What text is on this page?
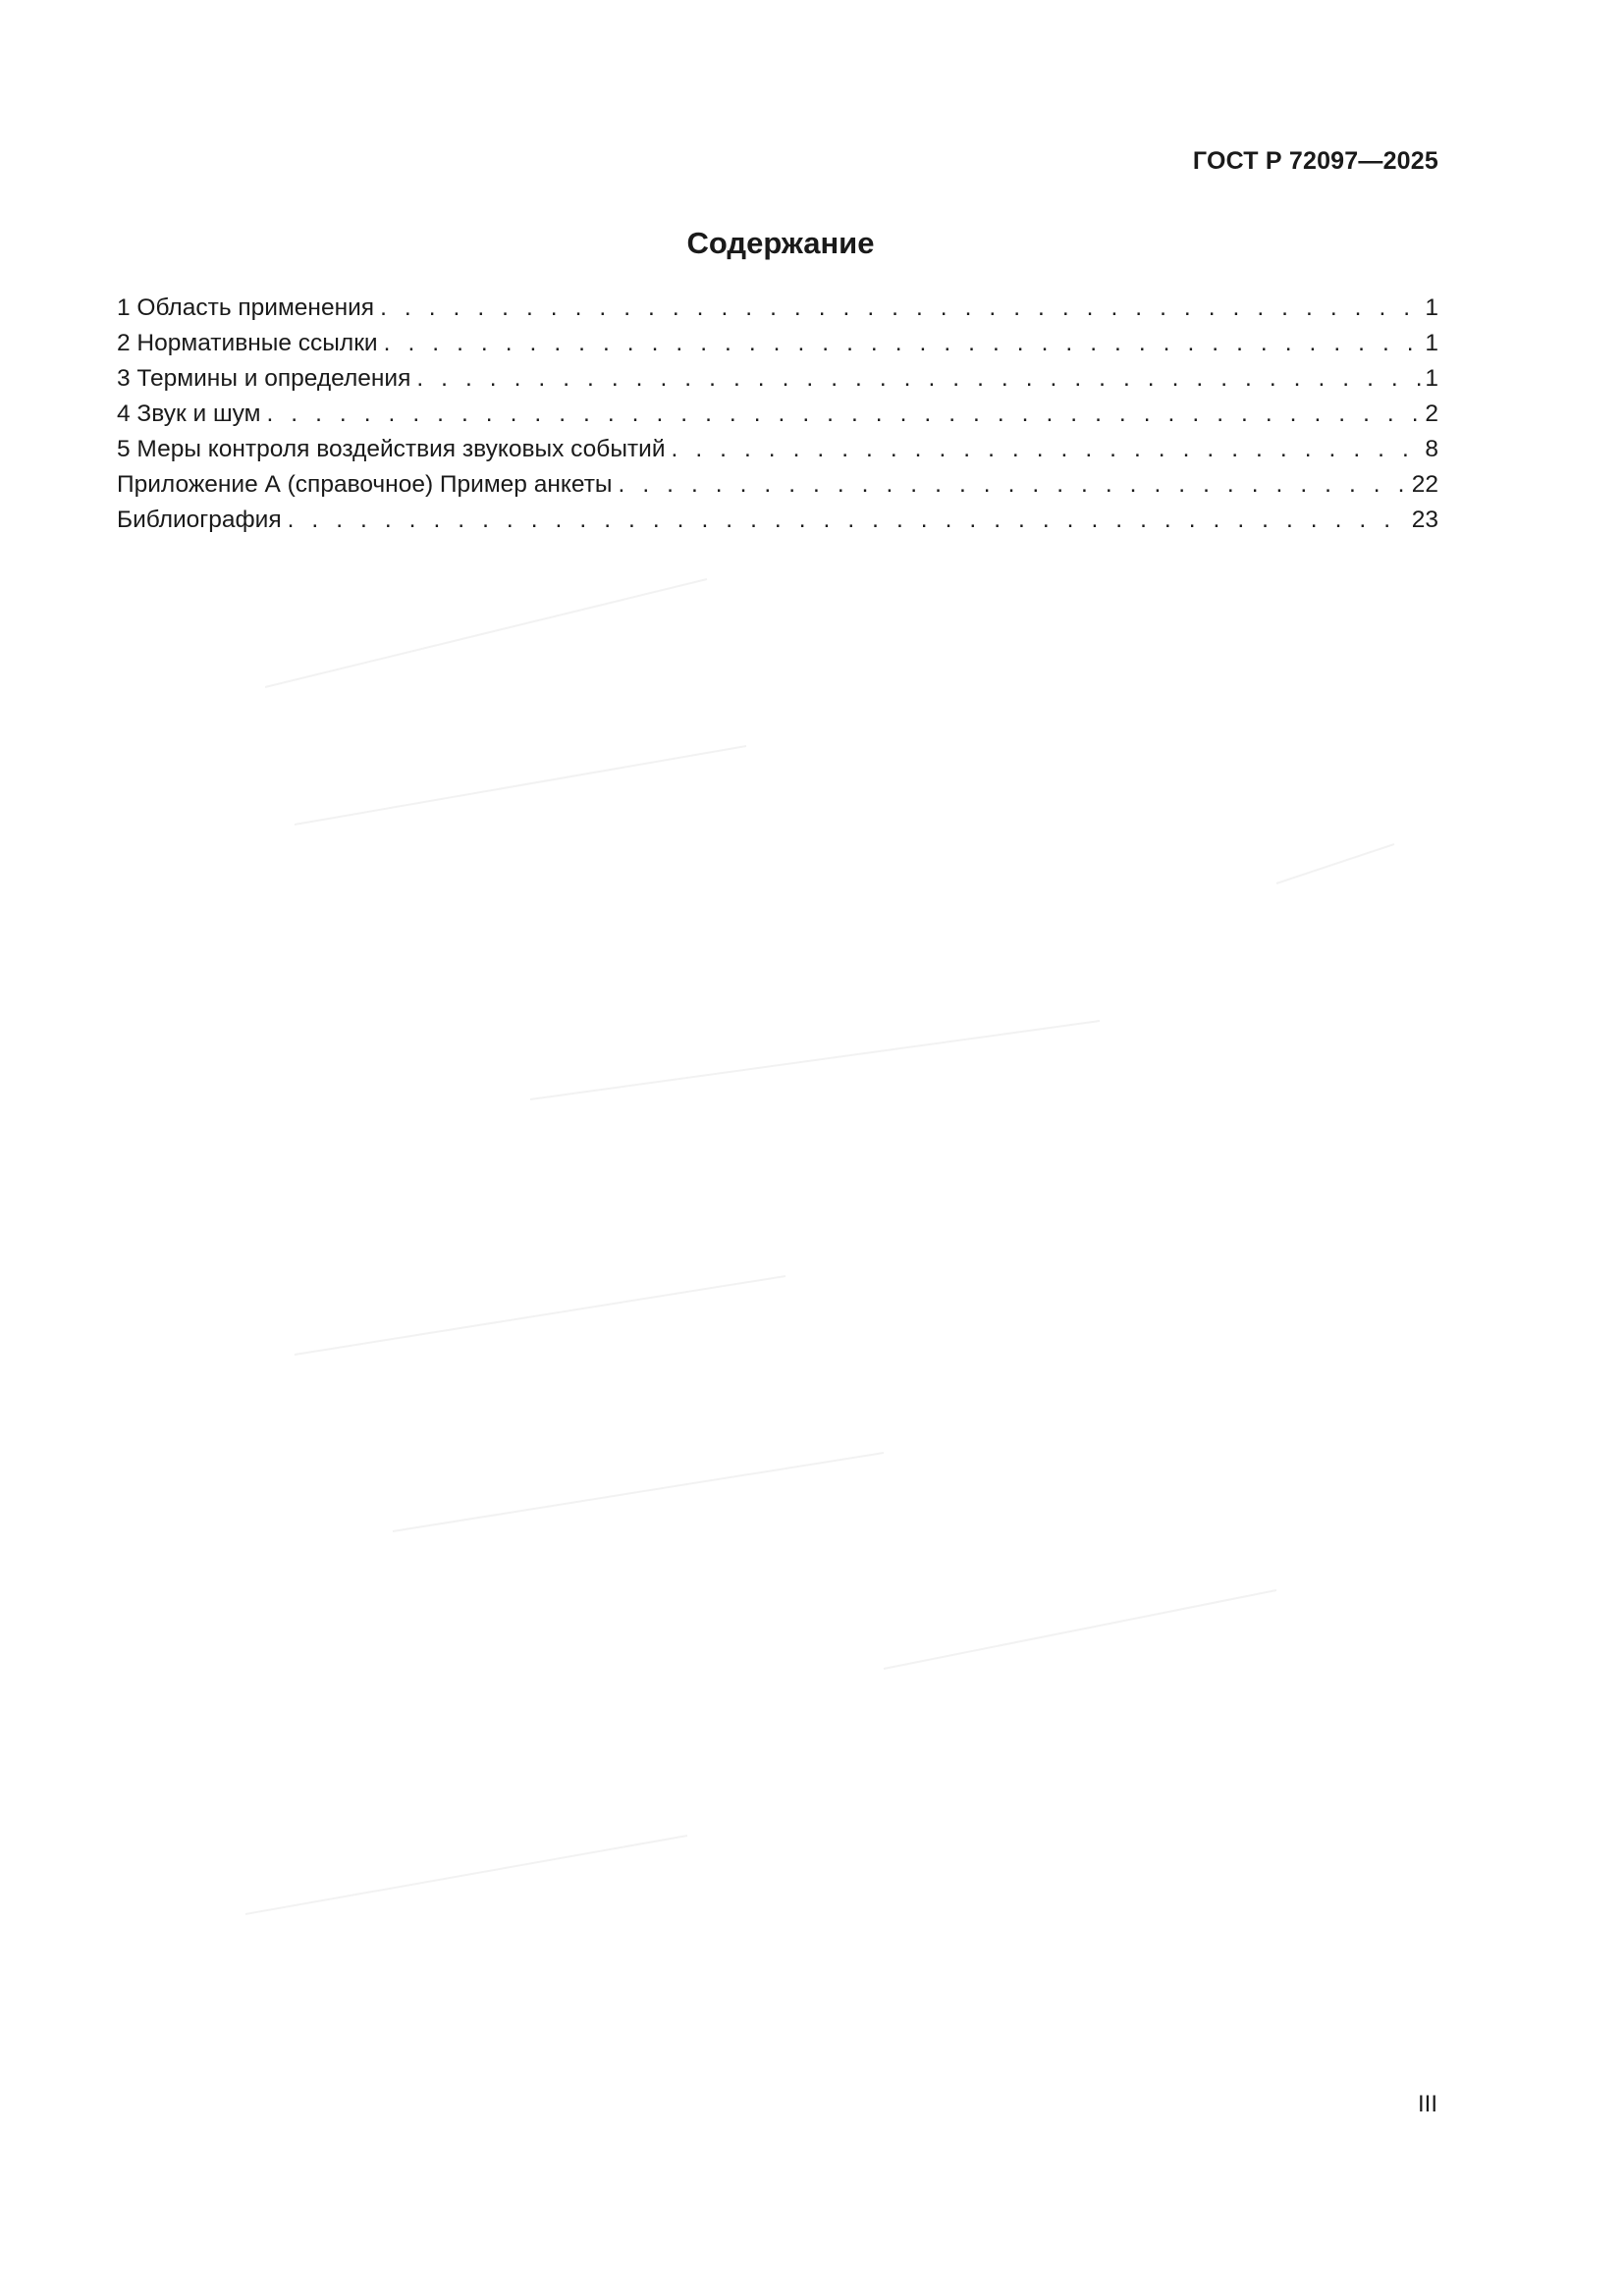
ГОСТ Р 72097—2025
Содержание
1 Область применения . . .	1
2 Нормативные ссылки . . .	1
3 Термины и определения . . .	1
4 Звук и шум . . .	2
5 Меры контроля воздействия звуковых событий . . .	8
Приложение А (справочное) Пример анкеты . . .	22
Библиография . . .	23
III
